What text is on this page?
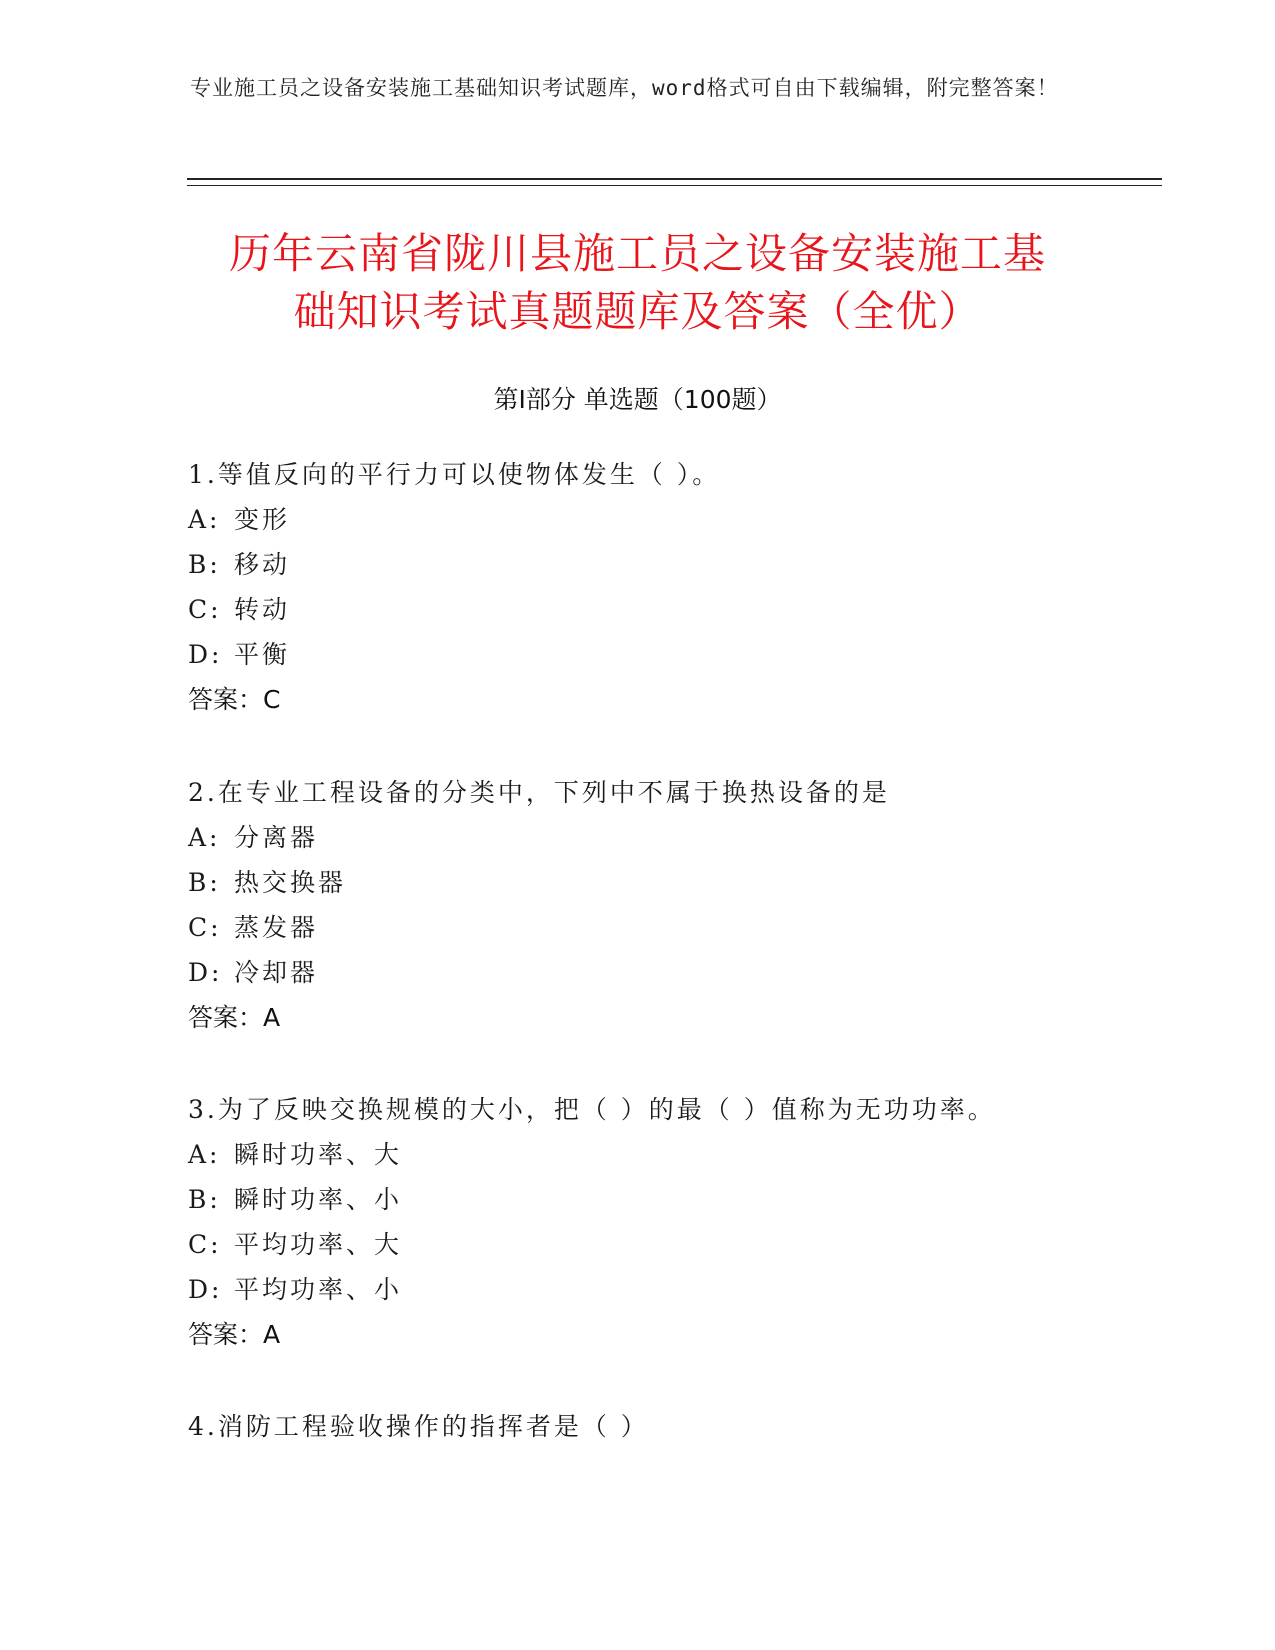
专业施工员之设备安装施工基础知识考试题库，word格式可自由下载编辑，附完整答案！
历年云南省陇川县施工员之设备安装施工基
础知识考试真题题库及答案（全优）
第Ⅰ部分 单选题（100题）
1.等值反向的平行力可以使物体发生（ ）。
A: 变形
B: 移动
C: 转动
D: 平衡
答案：C
2.在专业工程设备的分类中，下列中不属于换热设备的是
A: 分离器
B: 热交换器
C: 蒸发器
D: 冷却器
答案：A
3.为了反映交换规模的大小，把（ ）的最（ ）值称为无功功率。
A: 瞬时功率、大
B: 瞬时功率、小
C: 平均功率、大
D: 平均功率、小
答案：A
4.消防工程验收操作的指挥者是（ ）
